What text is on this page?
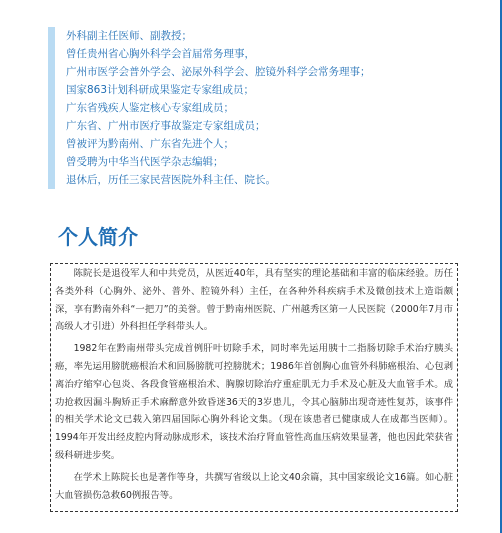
外科副主任医师、副教授；
曾任贵州省心胸外科学会首届常务理事，
广州市医学会普外学会、泌尿外科学会、腔镜外科学会常务理事；
国家863计划科研成果鉴定专家组成员；
广东省残疾人鉴定核心专家组成员；
广东省、广州市医疗事故鉴定专家组成员；
曾被评为黔南州、广东省先进个人；
曾受聘为中华当代医学杂志编辑；
退休后，历任三家民营医院外科主任、院长。
个人简介

陈院长是退役军人和中共党员，从医近40年，具有坚实的理论基础和丰富的临床经验。历任各类外科（心胸外、泌外、普外、腔镜外科）主任，在各种外科疾病手术及微创技术上造诣颇深，享有黔南外科“一把刀”的美誉。曾于黔南州医院、广州越秀区第一人民医院（2000年7月市高级人才引进）外科担任学科带头人。

1982年在黔南州带头完成首例肝叶切除手术，同时率先运用胰十二指肠切除手术治疗胰头癌，率先运用膀胱癌根治术和回肠膀胱可控膀胱术；1986年首创胸心血管外科肺癌根治、心包剥离治疗缩窄心包炎、各段食管癌根治术、胸腺切除治疗重症肌无力手术及心脏及大血管手术。成功抢救因漏斗胸矫正手术麻醉意外致昏迷36天的3岁患儿，令其心脑肺出现奇迹性复苏，该事件的相关学术论文已载入第四届国际心胸外科论文集。（现在该患者已健康成人在成都当医师）。1994年开发出经皮腔内肾动脉成形术，该技术治疗肾血管性高血压病效果显著，他也因此荣获省级科研进步奖。

在学术上陈院长也是著作等身，共撰写省级以上论文40余篇，其中国家级论文16篇。如心脏大血管损伤急救60例报告等。
